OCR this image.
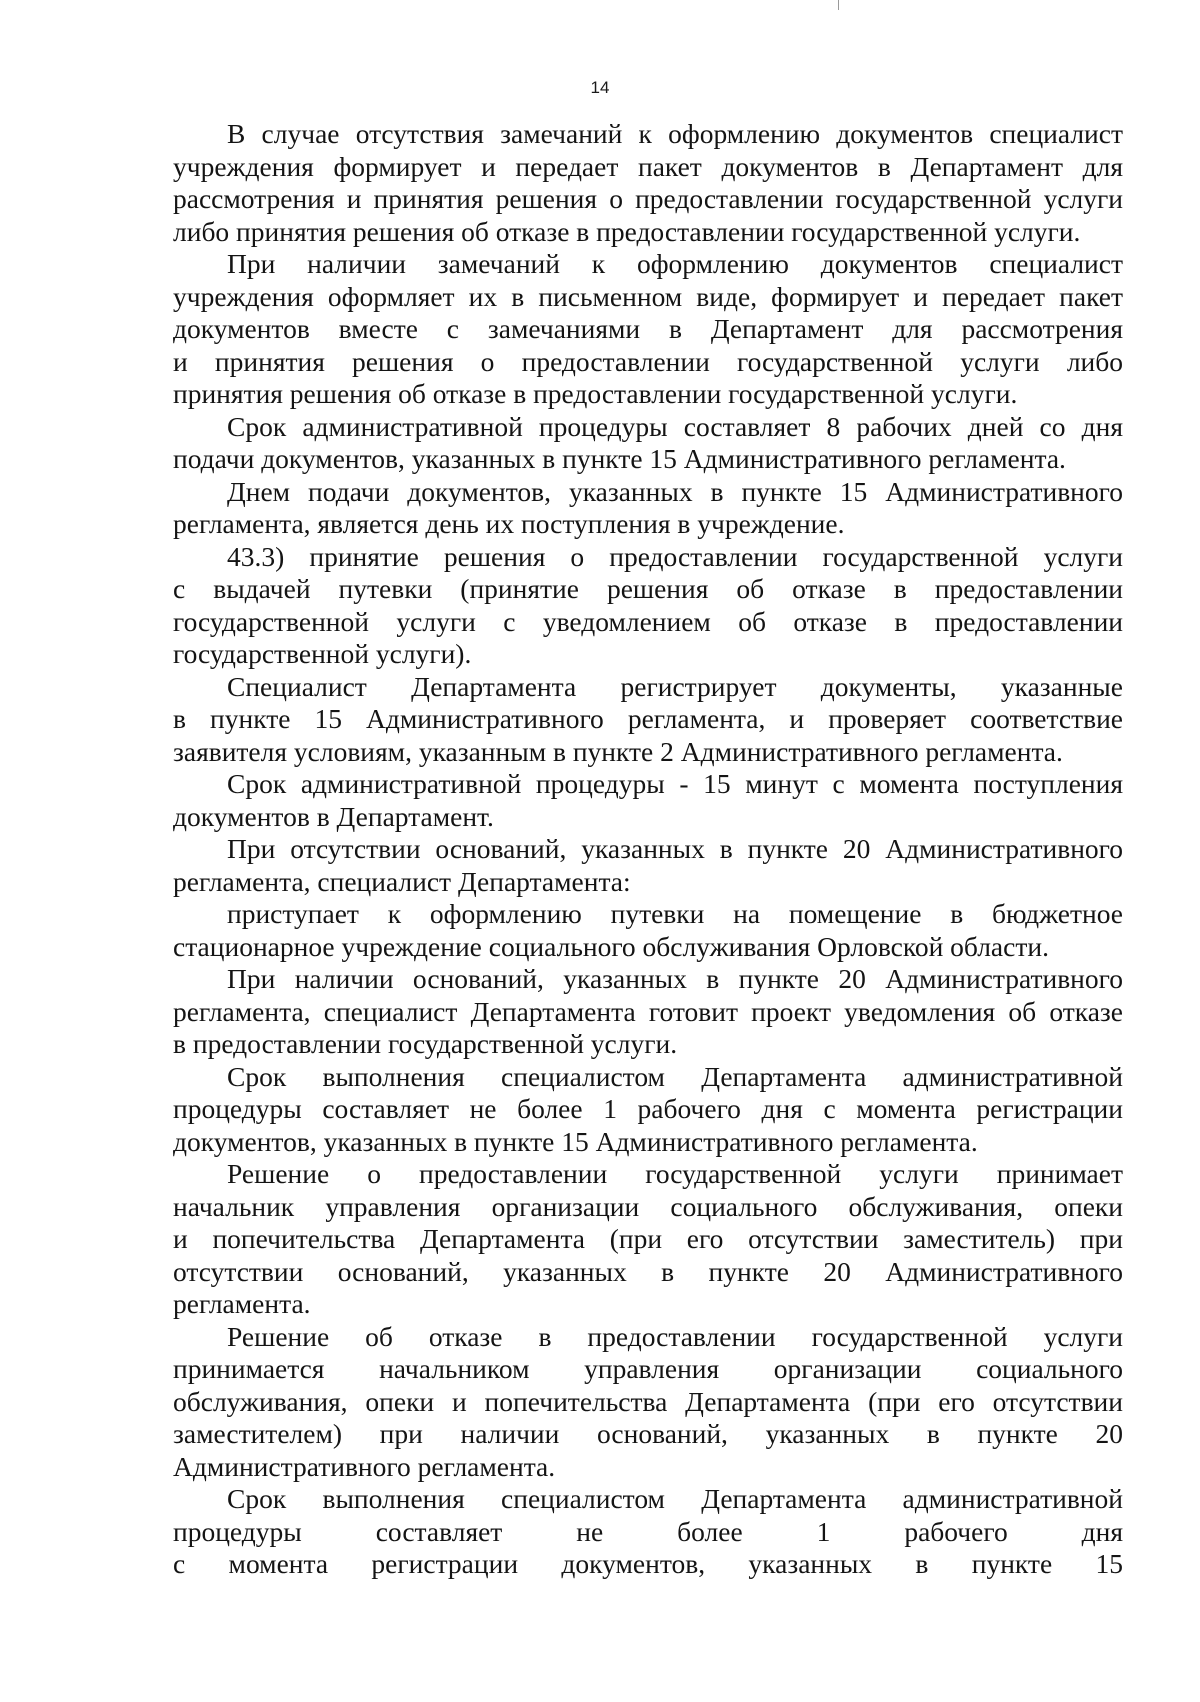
14
В случае отсутствия замечаний к оформлению документов специалист
учреждения формирует и передает пакет документов в Департамент для
рассмотрения и принятия решения о предоставлении государственной услуги
либо принятия решения об отказе в предоставлении государственной услуги.
При наличии замечаний к оформлению документов специалист
учреждения оформляет их в письменном виде, формирует и передает пакет
документов вместе с замечаниями в Департамент для рассмотрения
и принятия решения о предоставлении государственной услуги либо
принятия решения об отказе в предоставлении государственной услуги.
Срок административной процедуры составляет 8 рабочих дней со дня
подачи документов, указанных в пункте 15 Административного регламента.
Днем подачи документов, указанных в пункте 15 Административного
регламента, является день их поступления в учреждение.
43.3) принятие решения о предоставлении государственной услуги
с выдачей путевки (принятие решения об отказе в предоставлении
государственной услуги с уведомлением об отказе в предоставлении
государственной услуги).
Специалист Департамента регистрирует документы, указанные
в пункте 15 Административного регламента, и проверяет соответствие
заявителя условиям, указанным в пункте 2 Административного регламента.
Срок административной процедуры - 15 минут с момента поступления
документов в Департамент.
При отсутствии оснований, указанных в пункте 20 Административного
регламента, специалист Департамента:
приступает к оформлению путевки на помещение в бюджетное
стационарное учреждение социального обслуживания Орловской области.
При наличии оснований, указанных в пункте 20 Административного
регламента, специалист Департамента готовит проект уведомления об отказе
в предоставлении государственной услуги.
Срок выполнения специалистом Департамента административной
процедуры составляет не более 1 рабочего дня с момента регистрации
документов, указанных в пункте 15 Административного регламента.
Решение о предоставлении государственной услуги принимает
начальник управления организации социального обслуживания, опеки
и попечительства Департамента (при его отсутствии заместитель) при
отсутствии оснований, указанных в пункте 20 Административного
регламента.
Решение об отказе в предоставлении государственной услуги
принимается начальником управления организации социального
обслуживания, опеки и попечительства Департамента (при его отсутствии
заместителем) при наличии оснований, указанных в пункте 20
Административного регламента.
Срок выполнения специалистом Департамента административной
процедуры составляет не более 1 рабочего дня
с момента регистрации документов, указанных в пункте 15
